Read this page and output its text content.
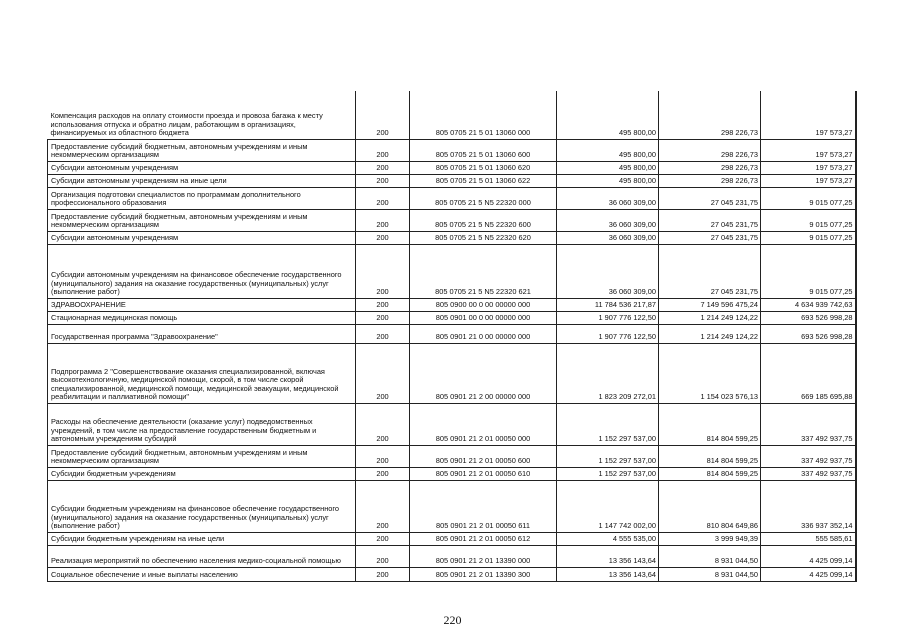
Компенсация расходов на оплату стоимости проезда и провоза багажа к месту использования отпуска и обратно лицам, работающим в организациях, финансируемых из областного бюджета	200	805 0705 21 5 01 13060 000	495 800,00	298 226,73	197 573,27
Предоставление субсидий бюджетным, автономным учреждениям и иным некоммерческим организациям	200	805 0705 21 5 01 13060 600	495 800,00	298 226,73	197 573,27
Субсидии автономным учреждениям	200	805 0705 21 5 01 13060 620	495 800,00	298 226,73	197 573,27
Субсидии автономным учреждениям на иные цели	200	805 0705 21 5 01 13060 622	495 800,00	298 226,73	197 573,27
Организация подготовки специалистов по программам дополнительного профессионального образования	200	805 0705 21 5 N5 22320 000	36 060 309,00	27 045 231,75	9 015 077,25
Предоставление субсидий бюджетным, автономным учреждениям и иным некоммерческим организациям	200	805 0705 21 5 N5 22320 600	36 060 309,00	27 045 231,75	9 015 077,25
Субсидии автономным учреждениям	200	805 0705 21 5 N5 22320 620	36 060 309,00	27 045 231,75	9 015 077,25
Субсидии автономным учреждениям на финансовое обеспечение государственного (муниципального) задания на оказание государственных (муниципальных) услуг (выполнение работ)	200	805 0705 21 5 N5 22320 621	36 060 309,00	27 045 231,75	9 015 077,25
ЗДРАВООХРАНЕНИЕ	200	805 0900 00 0 00 00000 000	11 784 536 217,87	7 149 596 475,24	4 634 939 742,63
Стационарная медицинская помощь	200	805 0901 00 0 00 00000 000	1 907 776 122,50	1 214 249 124,22	693 526 998,28
Государственная программа "Здравоохранение"	200	805 0901 21 0 00 00000 000	1 907 776 122,50	1 214 249 124,22	693 526 998,28
Подпрограмма 2 "Совершенствование оказания специализированной, включая высокотехнологичную, медицинской помощи, скорой, в том числе скорой специализированной, медицинской помощи, медицинской эвакуации, медицинской реабилитации и паллиативной помощи"	200	805 0901 21 2 00 00000 000	1 823 209 272,01	1 154 023 576,13	669 185 695,88
Расходы на обеспечение деятельности (оказание услуг) подведомственных учреждений, в том числе на предоставление государственным бюджетным и автономным учреждениям субсидий	200	805 0901 21 2 01 00050 000	1 152 297 537,00	814 804 599,25	337 492 937,75
Предоставление субсидий бюджетным, автономным учреждениям и иным некоммерческим организациям	200	805 0901 21 2 01 00050 600	1 152 297 537,00	814 804 599,25	337 492 937,75
Субсидии бюджетным учреждениям	200	805 0901 21 2 01 00050 610	1 152 297 537,00	814 804 599,25	337 492 937,75
Субсидии бюджетным учреждениям на финансовое обеспечение государственного (муниципального) задания на оказание государственных (муниципальных) услуг (выполнение работ)	200	805 0901 21 2 01 00050 611	1 147 742 002,00	810 804 649,86	336 937 352,14
Субсидии бюджетным учреждениям на иные цели	200	805 0901 21 2 01 00050 612	4 555 535,00	3 999 949,39	555 585,61
Реализация мероприятий по обеспечению населения медико-социальной помощью	200	805 0901 21 2 01 13390 000	13 356 143,64	8 931 044,50	4 425 099,14
Социальное обеспечение и иные выплаты населению	200	805 0901 21 2 01 13390 300	13 356 143,64	8 931 044,50	4 425 099,14
220
